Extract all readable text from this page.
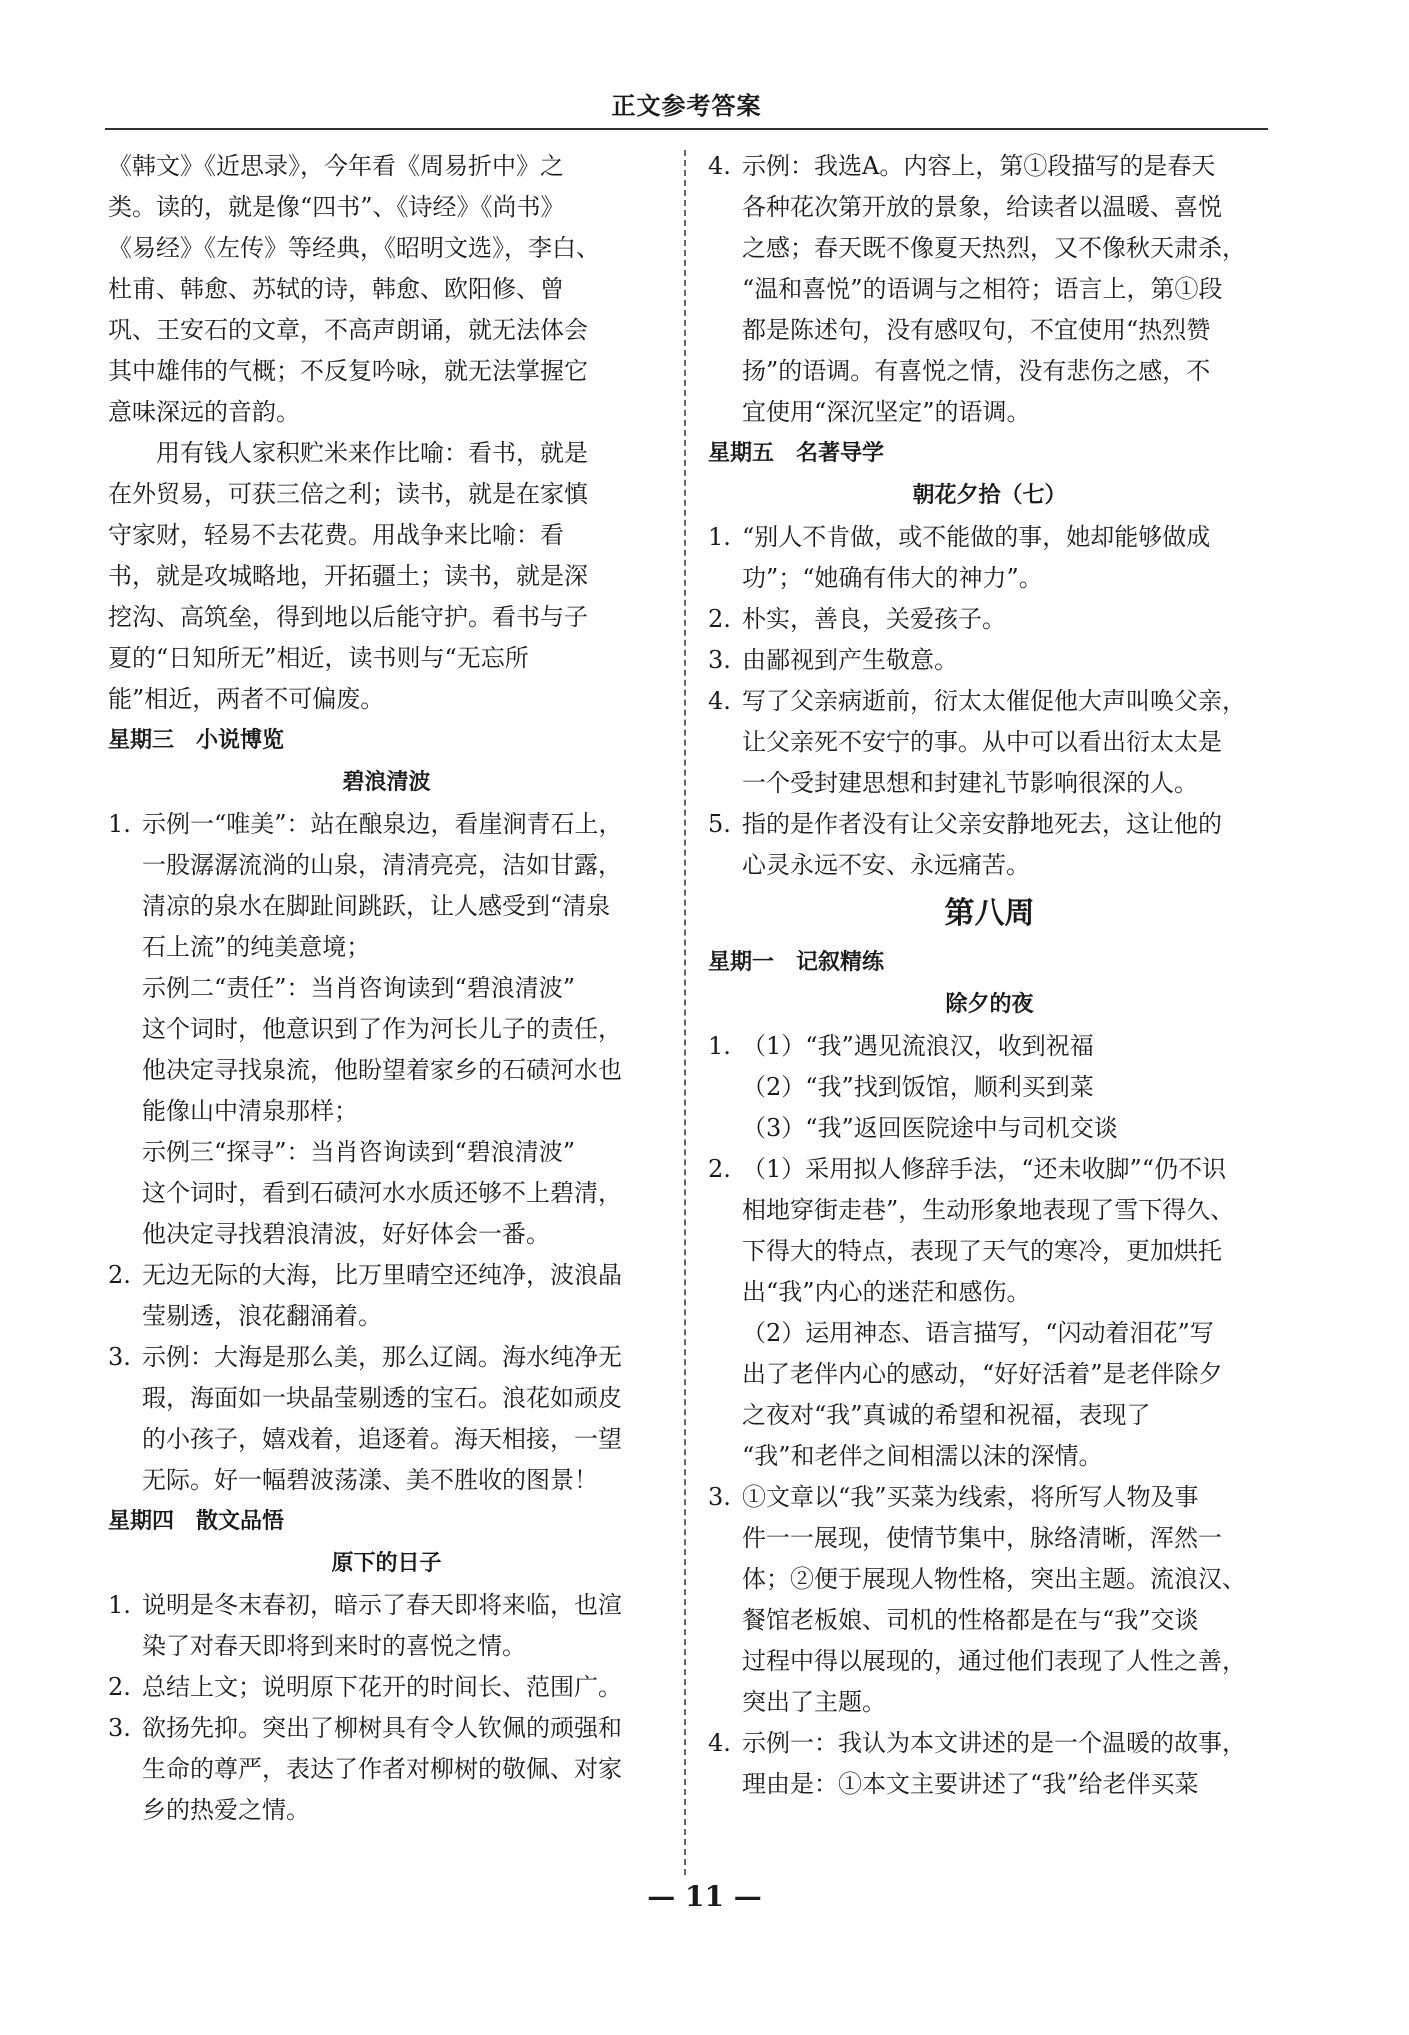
正文参考答案
《韩文》《近思录》，今年看《周易折中》之
类。读的，就是像“四书”、《诗经》《尚书》
《易经》《左传》等经典，《昭明文选》，李白、
杜甫、韩愈、苏轼的诗，韩愈、欧阳修、曾
巩、王安石的文章，不高声朗诵，就无法体会
其中雄伟的气概；不反复吟咏，就无法掌握它
意味深远的音韵。
用有钱人家积贮米来作比喻：看书，就是
在外贸易，可获三倍之利；读书，就是在家慎
守家财，轻易不去花费。用战争来比喻：看
书，就是攻城略地，开拓疆土；读书，就是深
挖沟、高筑垒，得到地以后能守护。看书与子
夏的“日知所无”相近，读书则与“无忘所
能”相近，两者不可偏废。
星期三　小说博览
碧浪清波
1. 示例一“唯美”：站在酿泉边，看崖涧青石上，
一股潺潺流淌的山泉，清清亮亮，洁如甘露，
清凉的泉水在脚趾间跳跃，让人感受到“清泉
石上流”的纯美意境；
示例二“责任”：当肖咨询读到“碧浪清波”
这个词时，他意识到了作为河长儿子的责任，
他决定寻找泉流，他盼望着家乡的石碛河水也
能像山中清泉那样；
示例三“探寻”：当肖咨询读到“碧浪清波”
这个词时，看到石碛河水水质还够不上碧清，
他决定寻找碧浪清波，好好体会一番。
2. 无边无际的大海，比万里晴空还纯净，波浪晶
莹剔透，浪花翻涌着。
3. 示例：大海是那么美，那么辽阔。海水纯净无
瑕，海面如一块晶莹剔透的宝石。浪花如顽皮
的小孩子，嬉戏着，追逐着。海天相接，一望
无际。好一幅碧波荡漾、美不胜收的图景！
星期四　散文品悟
原下的日子
1. 说明是冬末春初，暗示了春天即将来临，也渲
染了对春天即将到来时的喜悦之情。
2. 总结上文；说明原下花开的时间长、范围广。
3. 欲扬先抑。突出了柳树具有令人钦佩的顽强和
生命的尊严，表达了作者对柳树的敬佩、对家
乡的热爱之情。
4. 示例：我选A。内容上，第①段描写的是春天
各种花次第开放的景象，给读者以温暖、喜悦
之感；春天既不像夏天热烈，又不像秋天肃杀，
“温和喜悦”的语调与之相符；语言上，第①段
都是陈述句，没有感叹句，不宜使用“热烈赞
扬”的语调。有喜悦之情，没有悲伤之感，不
宜使用“深沉坚定”的语调。
星期五　名著导学
朝花夕拾（七）
1. “别人不肯做，或不能做的事，她却能够做成
功”；“她确有伟大的神力”。
2. 朴实，善良，关爱孩子。
3. 由鄙视到产生敬意。
4. 写了父亲病逝前，衍太太催促他大声叫唤父亲，
让父亲死不安宁的事。从中可以看出衍太太是
一个受封建思想和封建礼节影响很深的人。
5. 指的是作者没有让父亲安静地死去，这让他的
心灵永远不安、永远痛苦。
第八周
星期一　记叙精练
除夕的夜
1. （1）“我”遇见流浪汉，收到祝福
（2）“我”找到饭馆，顺利买到菜
（3）“我”返回医院途中与司机交谈
2. （1）采用拟人修辞手法，“还未收脚”“仍不识
相地穿街走巷”，生动形象地表现了雪下得久、
下得大的特点，表现了天气的寒冷，更加烘托
出“我”内心的迷茫和感伤。
（2）运用神态、语言描写，“闪动着泪花”写
出了老伴内心的感动，“好好活着”是老伴除夕
之夜对“我”真诚的希望和祝福，表现了
“我”和老伴之间相濡以沫的深情。
3. ①文章以“我”买菜为线索，将所写人物及事
件一一展现，使情节集中，脉络清晰，浑然一
体；②便于展现人物性格，突出主题。流浪汉、
餐馆老板娘、司机的性格都是在与“我”交谈
过程中得以展现的，通过他们表现了人性之善，
突出了主题。
4. 示例一：我认为本文讲述的是一个温暖的故事，
理由是：①本文主要讲述了“我”给老伴买菜
— 11 —
